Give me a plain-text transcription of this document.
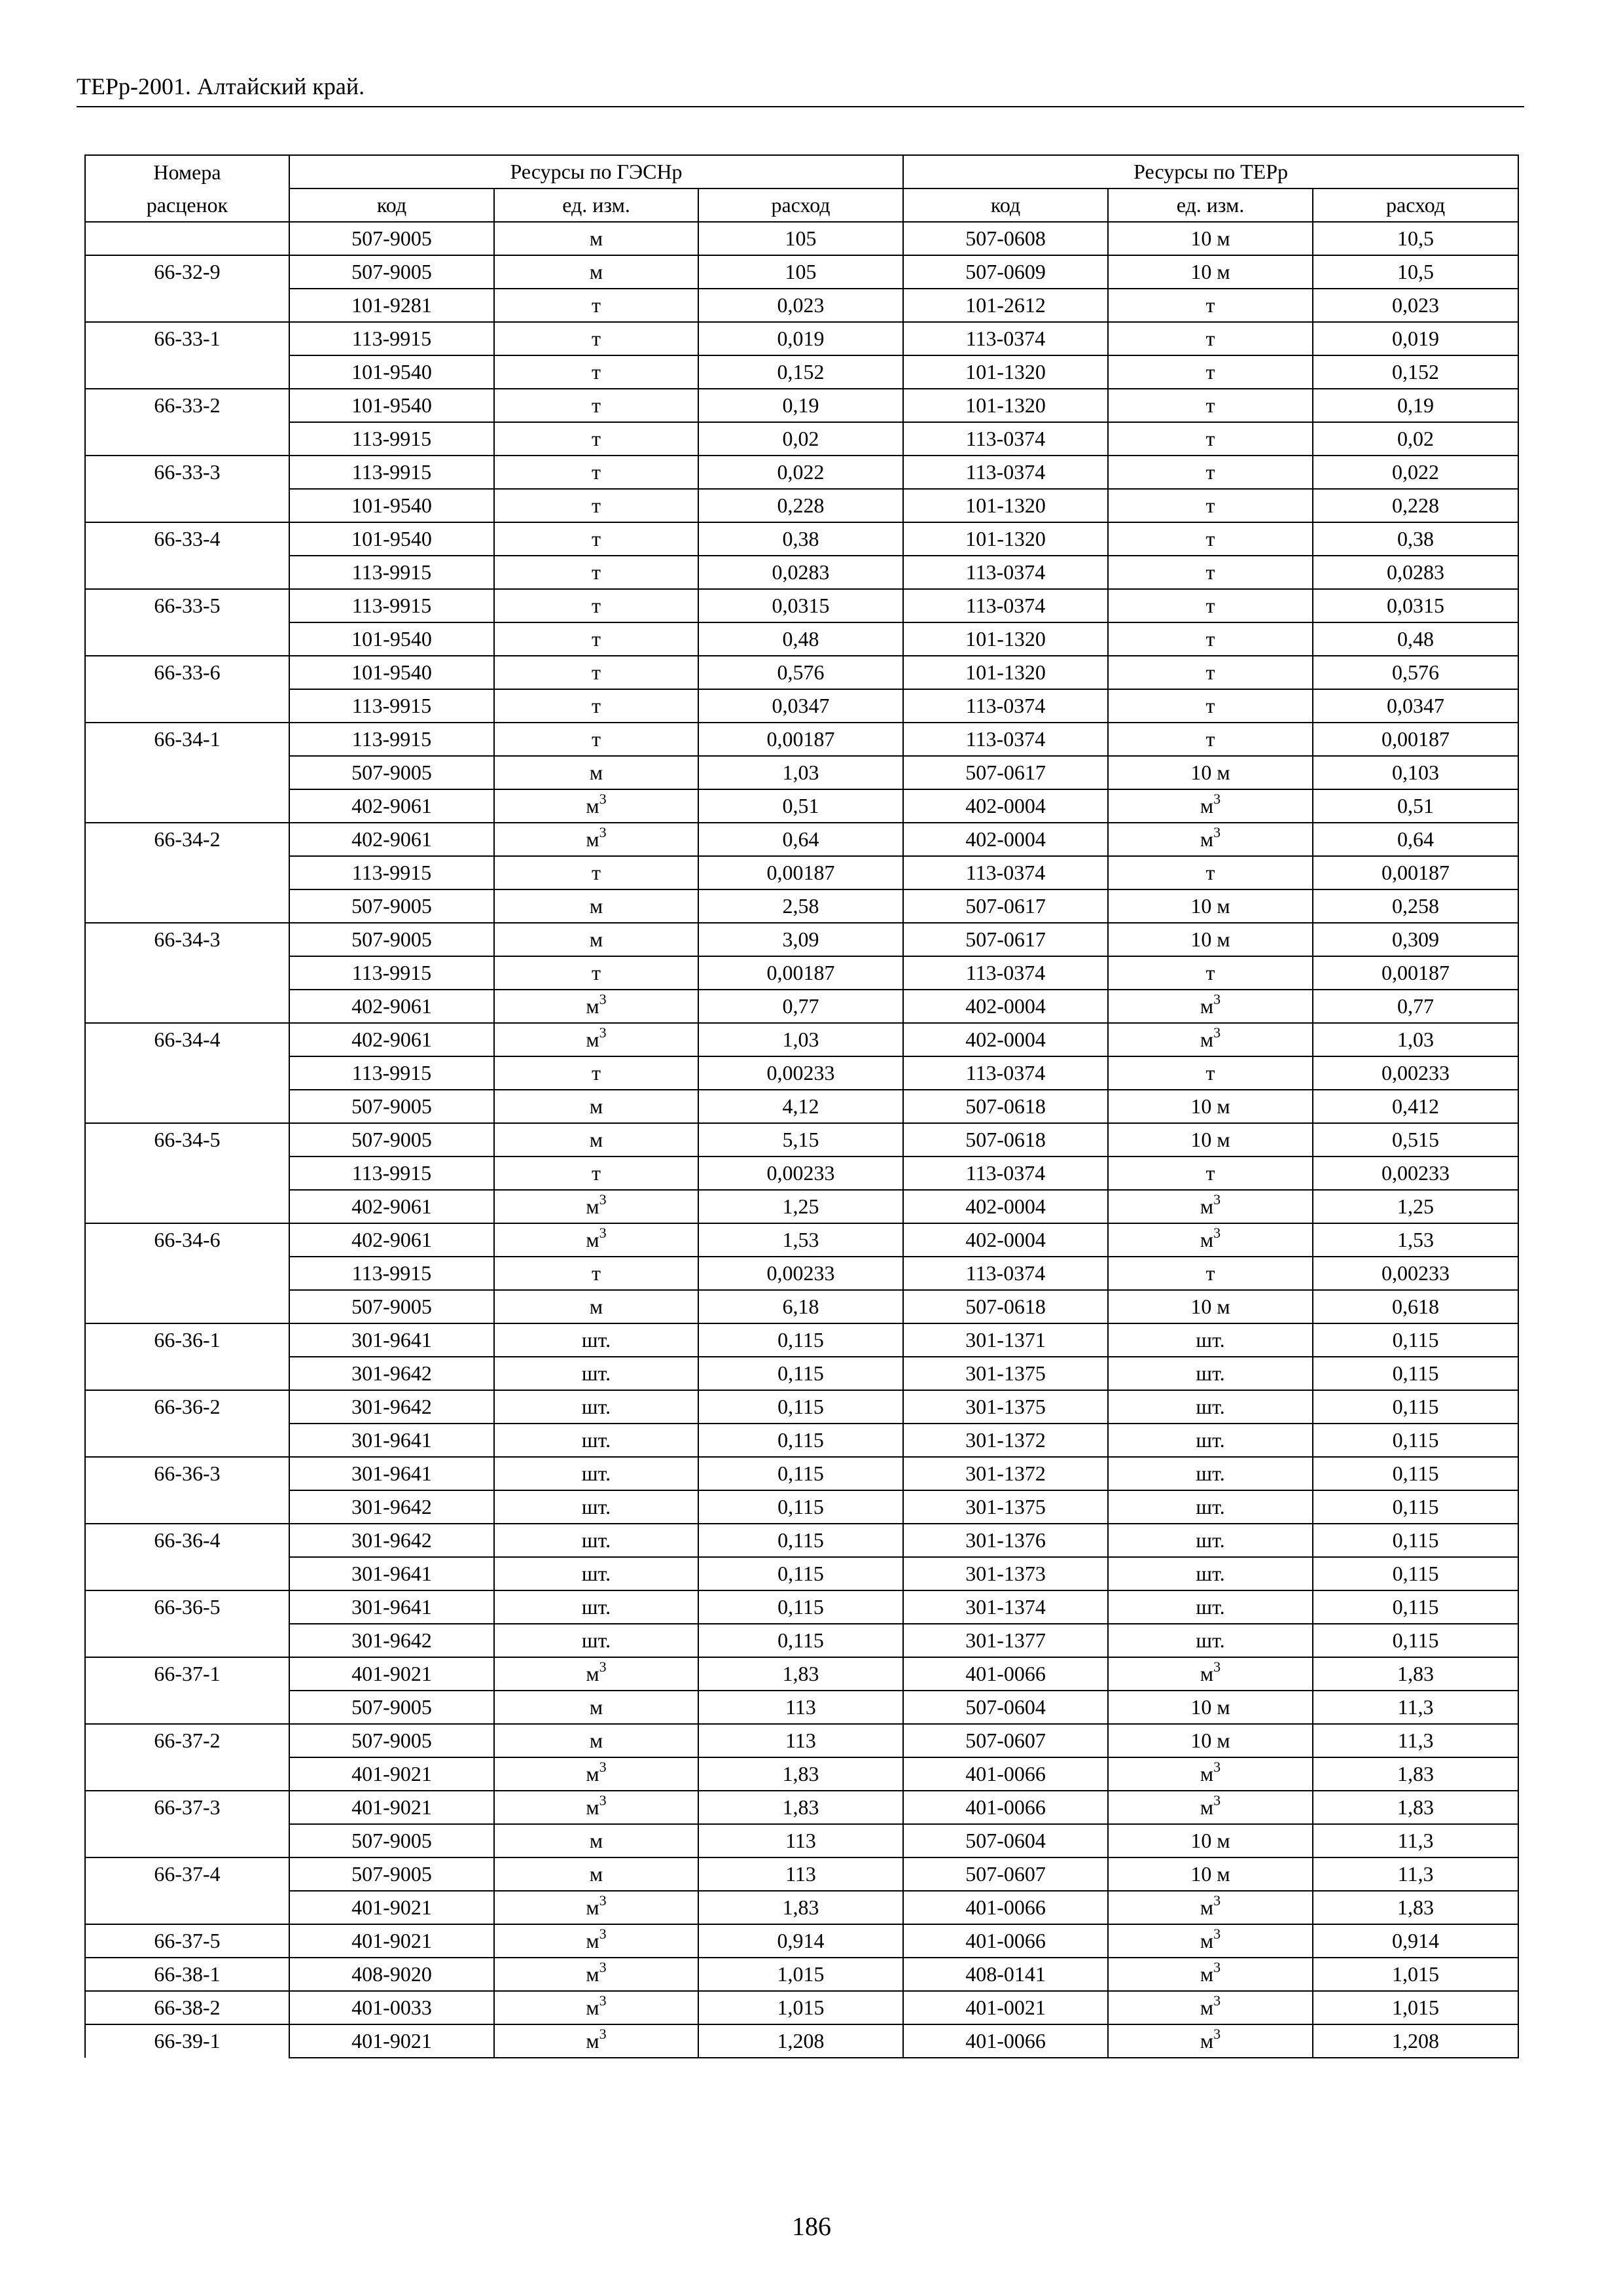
ТЕРр-2001. Алтайский край.
Номера	Ресурсы по ГЭСНр			Ресурсы по ТЕРр		
расценок	код	ед. изм.	расход	код	ед. изм.	расход
	507-9005	м	105	507-0608	10 м	10,5
66-32-9	507-9005	м	105	507-0609	10 м	10,5
	101-9281	т	0,023	101-2612	т	0,023
66-33-1	113-9915	т	0,019	113-0374	т	0,019
	101-9540	т	0,152	101-1320	т	0,152
66-33-2	101-9540	т	0,19	101-1320	т	0,19
	113-9915	т	0,02	113-0374	т	0,02
66-33-3	113-9915	т	0,022	113-0374	т	0,022
	101-9540	т	0,228	101-1320	т	0,228
66-33-4	101-9540	т	0,38	101-1320	т	0,38
	113-9915	т	0,0283	113-0374	т	0,0283
66-33-5	113-9915	т	0,0315	113-0374	т	0,0315
	101-9540	т	0,48	101-1320	т	0,48
66-33-6	101-9540	т	0,576	101-1320	т	0,576
	113-9915	т	0,0347	113-0374	т	0,0347
66-34-1	113-9915	т	0,00187	113-0374	т	0,00187
	507-9005	м	1,03	507-0617	10 м	0,103
	402-9061	$м^3$	0,51	402-0004	$м^3$	0,51
66-34-2	402-9061	$м^3$	0,64	402-0004	$м^3$	0,64
	113-9915	т	0,00187	113-0374	т	0,00187
	507-9005	м	2,58	507-0617	10 м	0,258
66-34-3	507-9005	м	3,09	507-0617	10 м	0,309
	113-9915	т	0,00187	113-0374	т	0,00187
	402-9061	$м^3$	0,77	402-0004	$м^3$	0,77
66-34-4	402-9061	$м^3$	1,03	402-0004	$м^3$	1,03
	113-9915	т	0,00233	113-0374	т	0,00233
	507-9005	м	4,12	507-0618	10 м	0,412
66-34-5	507-9005	м	5,15	507-0618	10 м	0,515
	113-9915	т	0,00233	113-0374	т	0,00233
	402-9061	$м^3$	1,25	402-0004	$м^3$	1,25
66-34-6	402-9061	$м^3$	1,53	402-0004	$м^3$	1,53
	113-9915	т	0,00233	113-0374	т	0,00233
	507-9005	м	6,18	507-0618	10 м	0,618
66-36-1	301-9641	шт.	0,115	301-1371	шт.	0,115
	301-9642	шт.	0,115	301-1375	шт.	0,115
66-36-2	301-9642	шт.	0,115	301-1375	шт.	0,115
	301-9641	шт.	0,115	301-1372	шт.	0,115
66-36-3	301-9641	шт.	0,115	301-1372	шт.	0,115
	301-9642	шт.	0,115	301-1375	шт.	0,115
66-36-4	301-9642	шт.	0,115	301-1376	шт.	0,115
	301-9641	шт.	0,115	301-1373	шт.	0,115
66-36-5	301-9641	шт.	0,115	301-1374	шт.	0,115
	301-9642	шт.	0,115	301-1377	шт.	0,115
66-37-1	401-9021	$м^3$	1,83	401-0066	$м^3$	1,83
	507-9005	м	113	507-0604	10 м	11,3
66-37-2	507-9005	м	113	507-0607	10 м	11,3
	401-9021	$м^3$	1,83	401-0066	$м^3$	1,83
66-37-3	401-9021	$м^3$	1,83	401-0066	$м^3$	1,83
	507-9005	м	113	507-0604	10 м	11,3
66-37-4	507-9005	м	113	507-0607	10 м	11,3
	401-9021	$м^3$	1,83	401-0066	$м^3$	1,83
66-37-5	401-9021	$м^3$	0,914	401-0066	$м^3$	0,914
66-38-1	408-9020	$м^3$	1,015	408-0141	$м^3$	1,015
66-38-2	401-0033	$м^3$	1,015	401-0021	$м^3$	1,015
66-39-1	401-9021	$м^3$	1,208	401-0066	$м^3$	1,208
186
